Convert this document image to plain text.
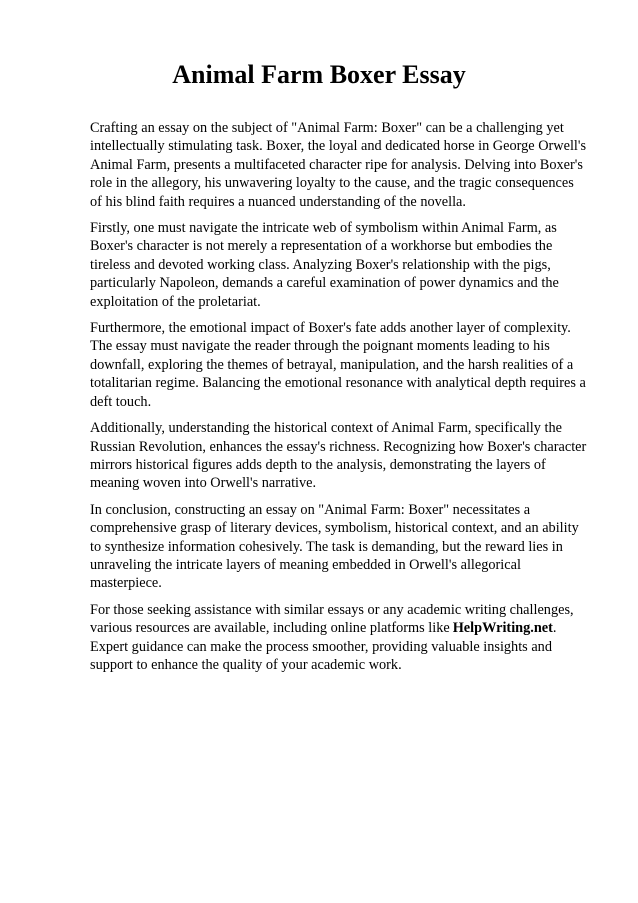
Animal Farm Boxer Essay

Crafting an essay on the subject of "Animal Farm: Boxer" can be a challenging yet intellectually stimulating task. Boxer, the loyal and dedicated horse in George Orwell's Animal Farm, presents a multifaceted character ripe for analysis. Delving into Boxer's role in the allegory, his unwavering loyalty to the cause, and the tragic consequences of his blind faith requires a nuanced understanding of the novella.

Firstly, one must navigate the intricate web of symbolism within Animal Farm, as Boxer's character is not merely a representation of a workhorse but embodies the tireless and devoted working class. Analyzing Boxer's relationship with the pigs, particularly Napoleon, demands a careful examination of power dynamics and the exploitation of the proletariat.

Furthermore, the emotional impact of Boxer's fate adds another layer of complexity. The essay must navigate the reader through the poignant moments leading to his downfall, exploring the themes of betrayal, manipulation, and the harsh realities of a totalitarian regime. Balancing the emotional resonance with analytical depth requires a deft touch.

Additionally, understanding the historical context of Animal Farm, specifically the Russian Revolution, enhances the essay's richness. Recognizing how Boxer's character mirrors historical figures adds depth to the analysis, demonstrating the layers of meaning woven into Orwell's narrative.

In conclusion, constructing an essay on "Animal Farm: Boxer" necessitates a comprehensive grasp of literary devices, symbolism, historical context, and an ability to synthesize information cohesively. The task is demanding, but the reward lies in unraveling the intricate layers of meaning embedded in Orwell's allegorical masterpiece.

For those seeking assistance with similar essays or any academic writing challenges, various resources are available, including online platforms like HelpWriting.net. Expert guidance can make the process smoother, providing valuable insights and support to enhance the quality of your academic work.
